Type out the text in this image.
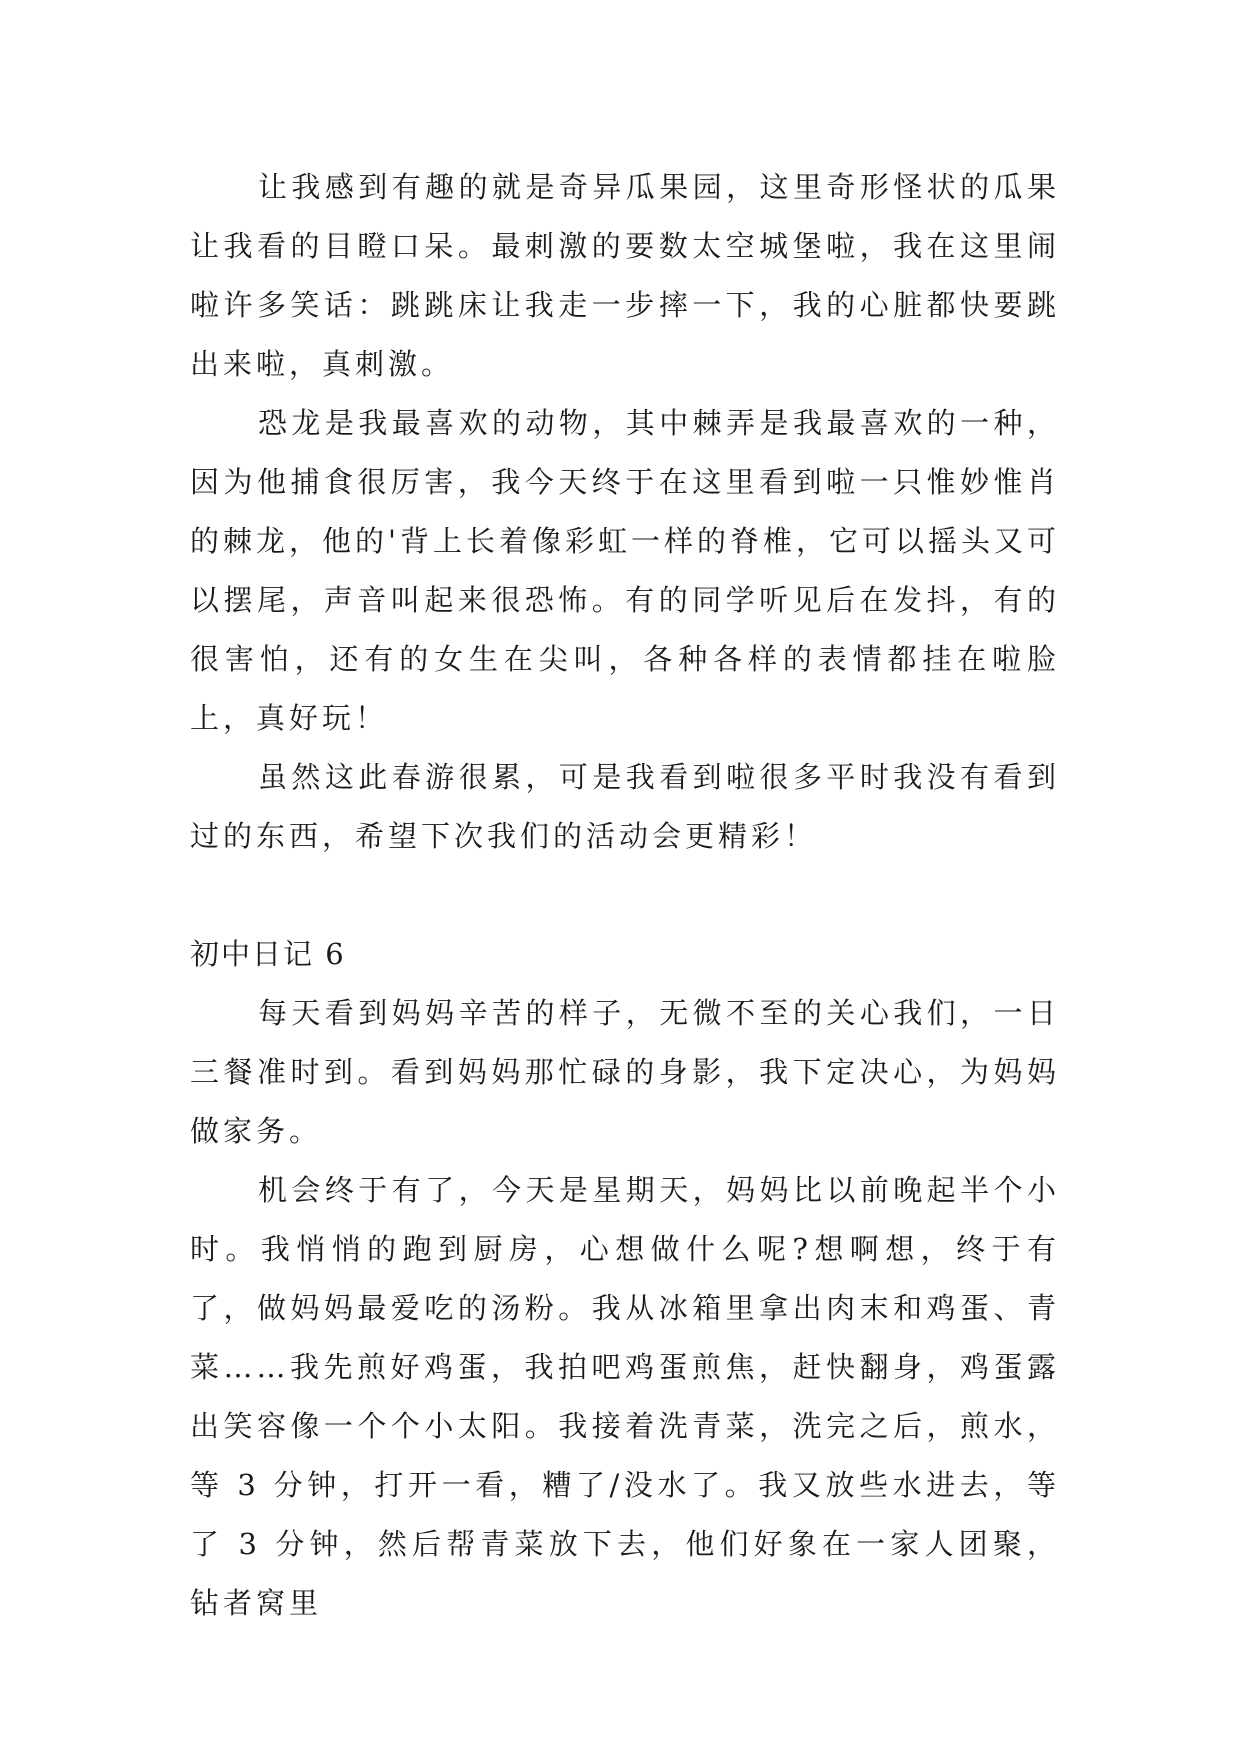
让我感到有趣的就是奇异瓜果园，这里奇形怪状的瓜果让我看的目瞪口呆。最刺激的要数太空城堡啦，我在这里闹啦许多笑话：跳跳床让我走一步摔一下，我的心脏都快要跳出来啦，真刺激。

恐龙是我最喜欢的动物，其中棘弄是我最喜欢的一种，因为他捕食很厉害，我今天终于在这里看到啦一只惟妙惟肖的棘龙，他的'背上长着像彩虹一样的脊椎，它可以摇头又可以摆尾，声音叫起来很恐怖。有的同学听见后在发抖，有的很害怕，还有的女生在尖叫，各种各样的表情都挂在啦脸上，真好玩！

虽然这此春游很累，可是我看到啦很多平时我没有看到过的东西，希望下次我们的活动会更精彩！

初中日记 6

每天看到妈妈辛苦的样子，无微不至的关心我们，一日三餐准时到。看到妈妈那忙碌的身影，我下定决心，为妈妈做家务。

机会终于有了，今天是星期天，妈妈比以前晚起半个小时。我悄悄的跑到厨房，心想做什么呢?想啊想，终于有了，做妈妈最爱吃的汤粉。我从冰箱里拿出肉末和鸡蛋、青菜……我先煎好鸡蛋，我拍吧鸡蛋煎焦，赶快翻身，鸡蛋露出笑容像一个个小太阳。我接着洗青菜，洗完之后，煎水，等 3 分钟，打开一看，糟了/没水了。我又放些水进去，等了 3 分钟，然后帮青菜放下去，他们好象在一家人团聚，钻者窝里
